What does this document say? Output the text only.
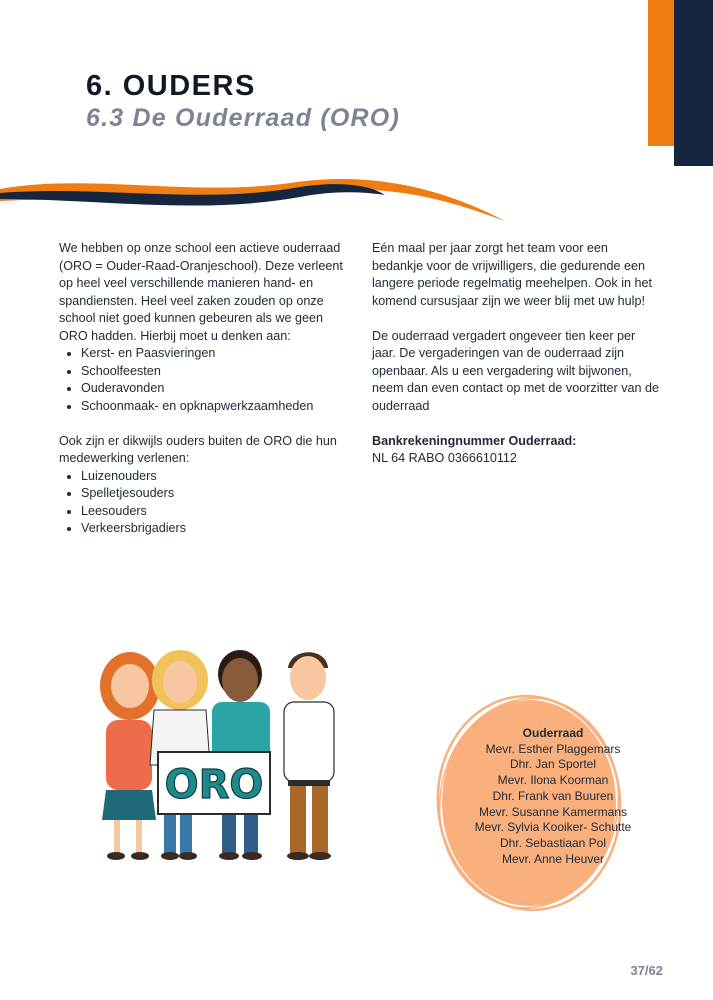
6. OUDERS
6.3 De Ouderraad (ORO)

We hebben op onze school een actieve ouderraad (ORO = Ouder-Raad-Oranjeschool). Deze verleent op heel veel verschillende manieren hand- en spandiensten. Heel veel zaken zouden op onze school niet goed kunnen gebeuren als we geen ORO hadden. Hierbij moet u denken aan:

• Kerst- en Paasvieringen
• Schoolfeesten
• Ouderavonden
• Schoonmaak- en opknapwerkzaamheden

Ook zijn er dikwijls ouders buiten de ORO die hun medewerking verlenen:

• Luizenouders
• Spelletjesouders
• Leesouders
• Verkeersbrigadiers

Eén maal per jaar zorgt het team voor een bedankje voor de vrijwilligers, die gedurende een langere periode regelmatig meehelpen. Ook in het komend cursusjaar zijn we weer blij met uw hulp!

De ouderraad vergadert ongeveer tien keer per jaar. De vergaderingen van de ouderraad zijn openbaar. Als u een vergadering wilt bijwonen, neem dan even contact op met de voorzitter van de ouderraad

Bankrekeningnummer Ouderraad:

NL 64 RABO 0366610112

ORO
Ouderraad
Mevr. Esther Plaggemars
Dhr. Jan Sportel
Mevr. Ilona Koorman
Dhr. Frank van Buuren
Mevr. Susanne Kamermans
Mevr. Sylvia Kooiker- Schutte
Dhr. Sebastiaan Pol
Mevr. Anne Heuver
37/62
